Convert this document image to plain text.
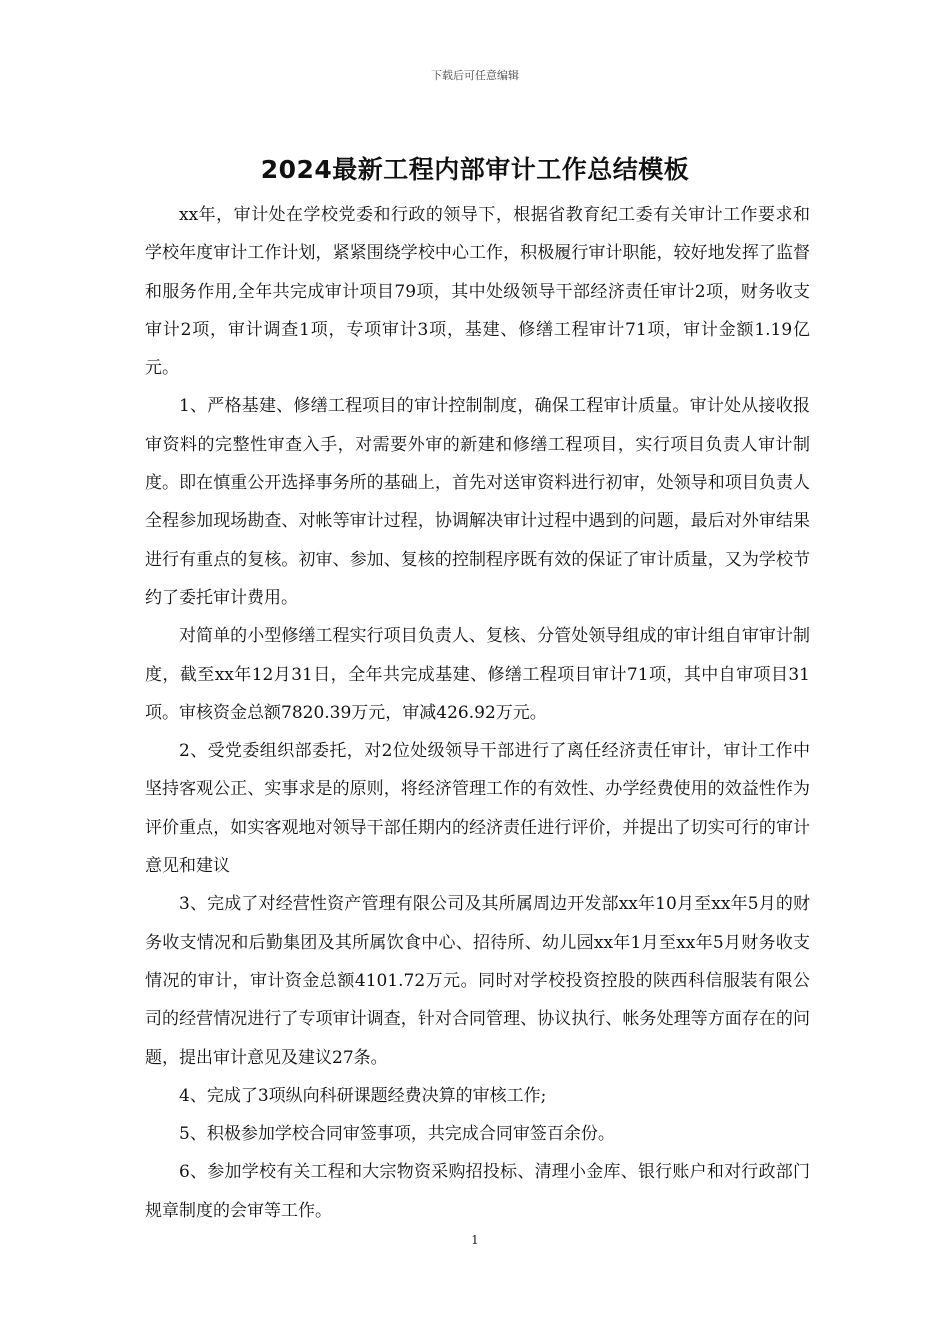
下载后可任意编辑
2024最新工程内部审计工作总结模板

xx年，审计处在学校党委和行政的领导下，根据省教育纪工委有关审计工作要求和学校年度审计工作计划，紧紧围绕学校中心工作，积极履行审计职能，较好地发挥了监督和服务作用,全年共完成审计项目79项，其中处级领导干部经济责任审计2项，财务收支审计2项，审计调查1项，专项审计3项，基建、修缮工程审计71项，审计金额1.19亿元。

1、严格基建、修缮工程项目的审计控制制度，确保工程审计质量。审计处从接收报审资料的完整性审查入手，对需要外审的新建和修缮工程项目，实行项目负责人审计制度。即在慎重公开选择事务所的基础上，首先对送审资料进行初审，处领导和项目负责人全程参加现场勘查、对帐等审计过程，协调解决审计过程中遇到的问题，最后对外审结果进行有重点的复核。初审、参加、复核的控制程序既有效的保证了审计质量，又为学校节约了委托审计费用。

对简单的小型修缮工程实行项目负责人、复核、分管处领导组成的审计组自审审计制度，截至xx年12月31日，全年共完成基建、修缮工程项目审计71项，其中自审项目31项。审核资金总额7820.39万元，审减426.92万元。

2、受党委组织部委托，对2位处级领导干部进行了离任经济责任审计，审计工作中坚持客观公正、实事求是的原则，将经济管理工作的有效性、办学经费使用的效益性作为评价重点，如实客观地对领导干部任期内的经济责任进行评价，并提出了切实可行的审计意见和建议

3、完成了对经营性资产管理有限公司及其所属周边开发部xx年10月至xx年5月的财务收支情况和后勤集团及其所属饮食中心、招待所、幼儿园xx年1月至xx年5月财务收支情况的审计，审计资金总额4101.72万元。同时对学校投资控股的陕西科信服装有限公司的经营情况进行了专项审计调查，针对合同管理、协议执行、帐务处理等方面存在的问题，提出审计意见及建议27条。

4、完成了3项纵向科研课题经费决算的审核工作;

5、积极参加学校合同审签事项，共完成合同审签百余份。

6、参加学校有关工程和大宗物资采购招投标、清理小金库、银行账户和对行政部门规章制度的会审等工作。

1
